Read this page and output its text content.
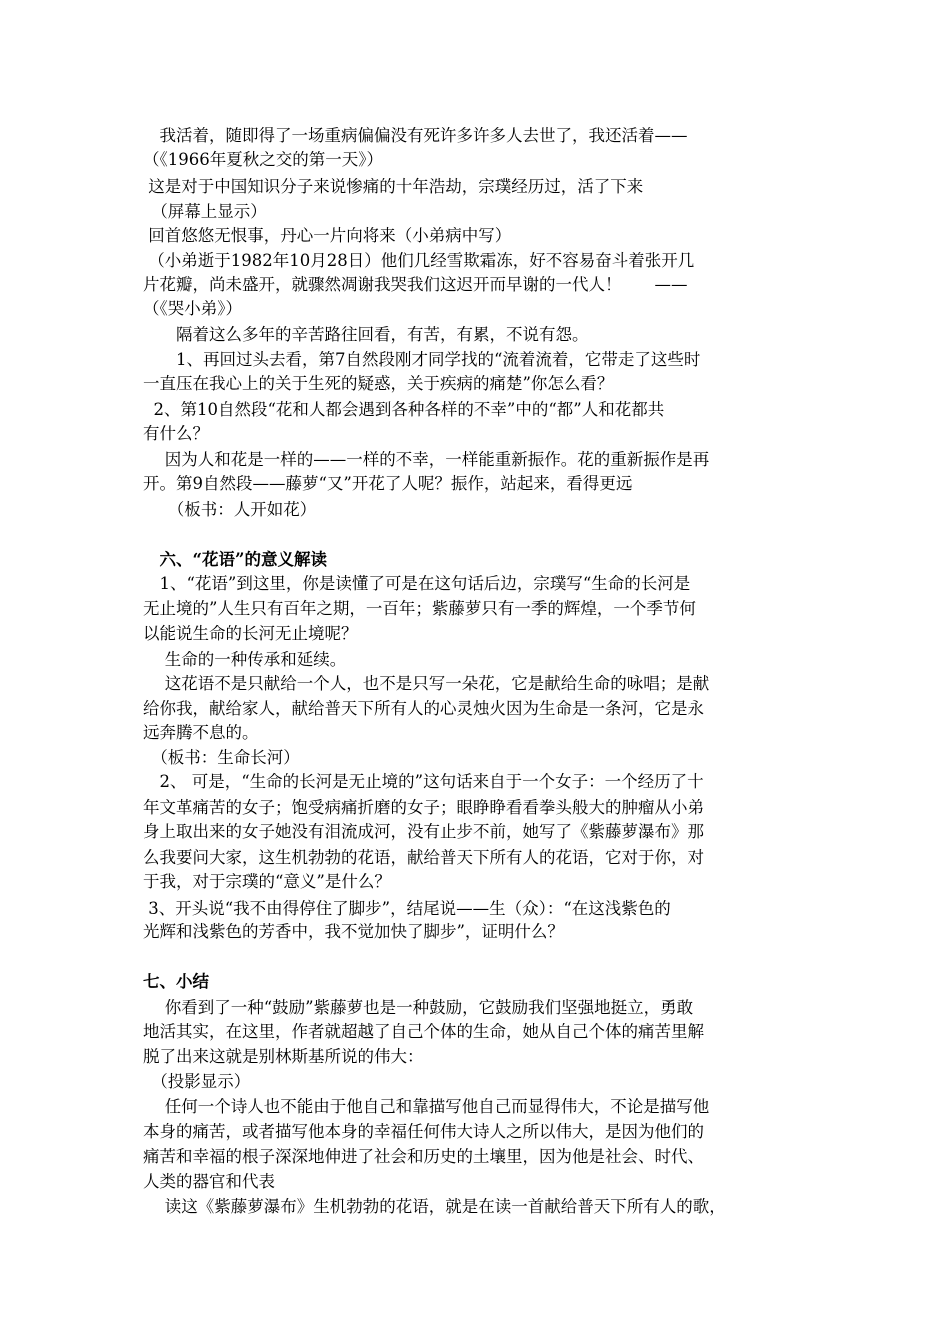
　我活着，随即得了一场重病偏偏没有死许多许多人去世了，我还活着——
（《1966年夏秋之交的第一天》）
这是对于中国知识分子来说惨痛的十年浩劫，宗璞经历过，活了下来
　（屏幕上显示）
回首悠悠无恨事，丹心一片向将来（小弟病中写）
（小弟逝于1982年10月28日）他们几经雪欺霜冻，好不容易奋斗着张开几
片花瓣，尚未盛开，就骤然凋谢我哭我们这迟开而早谢的一代人！　　——
（《哭小弟》）
　　隔着这么多年的辛苦路往回看，有苦，有累，不说有怨。
　　1、再回过头去看，第7自然段刚才同学找的“流着流着，它带走了这些时
一直压在我心上的关于生死的疑惑，关于疾病的痛楚”你怎么看？
2、第10自然段“花和人都会遇到各种各样的不幸”中的“都”人和花都共
有什么？
　因为人和花是一样的——一样的不幸，一样能重新振作。花的重新振作是再
开。第9自然段——藤萝“又”开花了人呢？振作，站起来，看得更远
　　（板书：人开如花）
　六、“花语”的意义解读
　1、“花语”到这里，你是读懂了可是在这句话后边，宗璞写“生命的长河是
无止境的”人生只有百年之期，一百年；紫藤萝只有一季的辉煌，一个季节何
以能说生命的长河无止境呢？
　生命的一种传承和延续。
　这花语不是只献给一个人，也不是只写一朵花，它是献给生命的咏唱；是献
给你我，献给家人，献给普天下所有人的心灵烛火因为生命是一条河，它是永
远奔腾不息的。
　（板书：生命长河）
　2、 可是，“生命的长河是无止境的”这句话来自于一个女子：一个经历了十
年文革痛苦的女子；饱受病痛折磨的女子；眼睁睁看看拳头般大的肿瘤从小弟
身上取出来的女子她没有泪流成河，没有止步不前，她写了《紫藤萝瀑布》那
么我要问大家，这生机勃勃的花语，献给普天下所有人的花语，它对于你，对
于我，对于宗璞的“意义”是什么？
3、开头说“我不由得停住了脚步”，结尾说——生（众）：“在这浅紫色的
光辉和浅紫色的芳香中，我不觉加快了脚步”，证明什么？
七、小结
　你看到了一种“鼓励”紫藤萝也是一种鼓励，它鼓励我们坚强地挺立，勇敢
地活其实，在这里，作者就超越了自己个体的生命，她从自己个体的痛苦里解
脱了出来这就是别林斯基所说的伟大：
　（投影显示）
　任何一个诗人也不能由于他自己和靠描写他自己而显得伟大，不论是描写他
本身的痛苦，或者描写他本身的幸福任何伟大诗人之所以伟大，是因为他们的
痛苦和幸福的根子深深地伸进了社会和历史的土壤里，因为他是社会、时代、
人类的器官和代表
　读这《紫藤萝瀑布》生机勃勃的花语，就是在读一首献给普天下所有人的歌，
